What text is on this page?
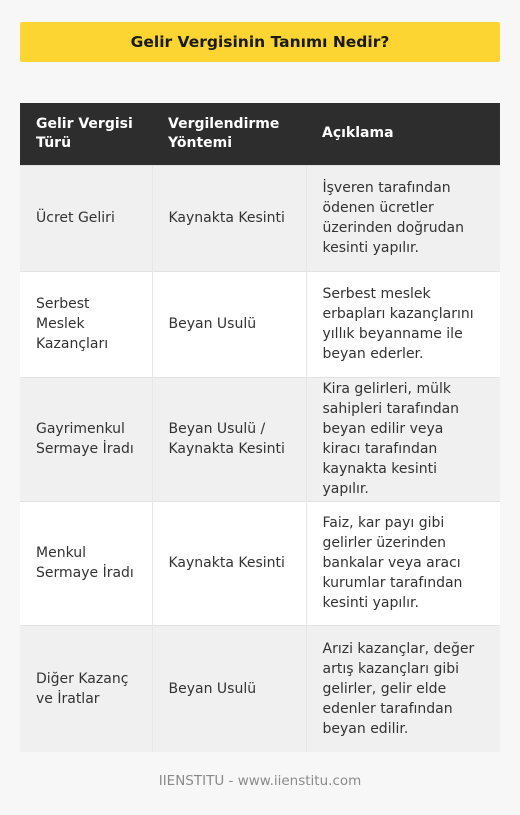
Gelir Vergisinin Tanımı Nedir?
Gelir Vergisi Türü	Vergilendirme Yöntemi	Açıklama
Ücret Geliri	Kaynakta Kesinti	İşveren tarafından ödenen ücretler üzerinden doğrudan kesinti yapılır.
Serbest Meslek Kazançları	Beyan Usulü	Serbest meslek erbapları kazançlarını yıllık beyanname ile beyan ederler.
Gayrimenkul Sermaye İradı	Beyan Usulü / Kaynakta Kesinti	Kira gelirleri, mülk sahipleri tarafından beyan edilir veya kiracı tarafından kaynakta kesinti yapılır.
Menkul Sermaye İradı	Kaynakta Kesinti	Faiz, kar payı gibi gelirler üzerinden bankalar veya aracı kurumlar tarafından kesinti yapılır.
Diğer Kazanç ve İratlar	Beyan Usulü	Arızi kazançlar, değer artış kazançları gibi gelirler, gelir elde edenler tarafından beyan edilir.
IIENSTITU - www.iienstitu.com
